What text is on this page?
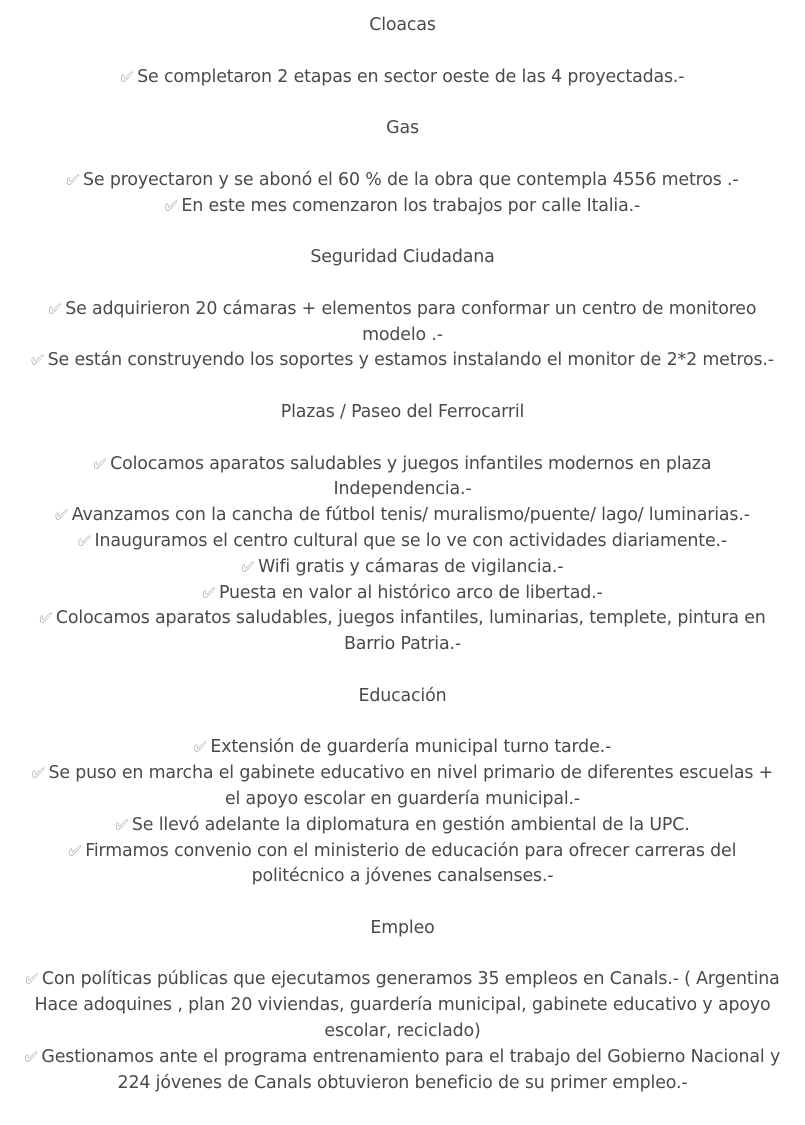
Cloacas
✅︎ Se completaron 2 etapas en sector oeste de las 4 proyectadas.-
Gas
✅︎ Se proyectaron y se abonó el 60 % de la obra que contempla 4556 metros .-
✅︎ En este mes comenzaron los trabajos por calle Italia.-
Seguridad Ciudadana
✅︎ Se adquirieron 20 cámaras + elementos para conformar un centro de monitoreo modelo .-
✅︎ Se están construyendo los soportes y estamos instalando el monitor de 2*2 metros.-
Plazas / Paseo del Ferrocarril
✅︎ Colocamos aparatos saludables y juegos infantiles modernos en plaza Independencia.-
✅︎ Avanzamos con la cancha de fútbol tenis/ muralismo/puente/ lago/ luminarias.-
✅︎ Inauguramos el centro cultural que se lo ve con actividades diariamente.-
✅︎ Wifi gratis y cámaras de vigilancia.-
✅︎ Puesta en valor al histórico arco de libertad.-
✅︎ Colocamos aparatos saludables, juegos infantiles, luminarias, templete, pintura en Barrio Patria.-
Educación
✅︎ Extensión de guardería municipal turno tarde.-
✅︎ Se puso en marcha el gabinete educativo en nivel primario de diferentes escuelas + el apoyo escolar en guardería municipal.-
✅︎ Se llevó adelante la diplomatura en gestión ambiental de la UPC.
✅︎ Firmamos convenio con el ministerio de educación para ofrecer carreras del politécnico a jóvenes canalsenses.-
Empleo
✅︎ Con políticas públicas que ejecutamos generamos 35 empleos en Canals.- ( Argentina Hace adoquines , plan 20 viviendas, guardería municipal, gabinete educativo y apoyo escolar, reciclado)
✅︎ Gestionamos ante el programa entrenamiento para el trabajo del Gobierno Nacional y 224 jóvenes de Canals obtuvieron beneficio de su primer empleo.-
